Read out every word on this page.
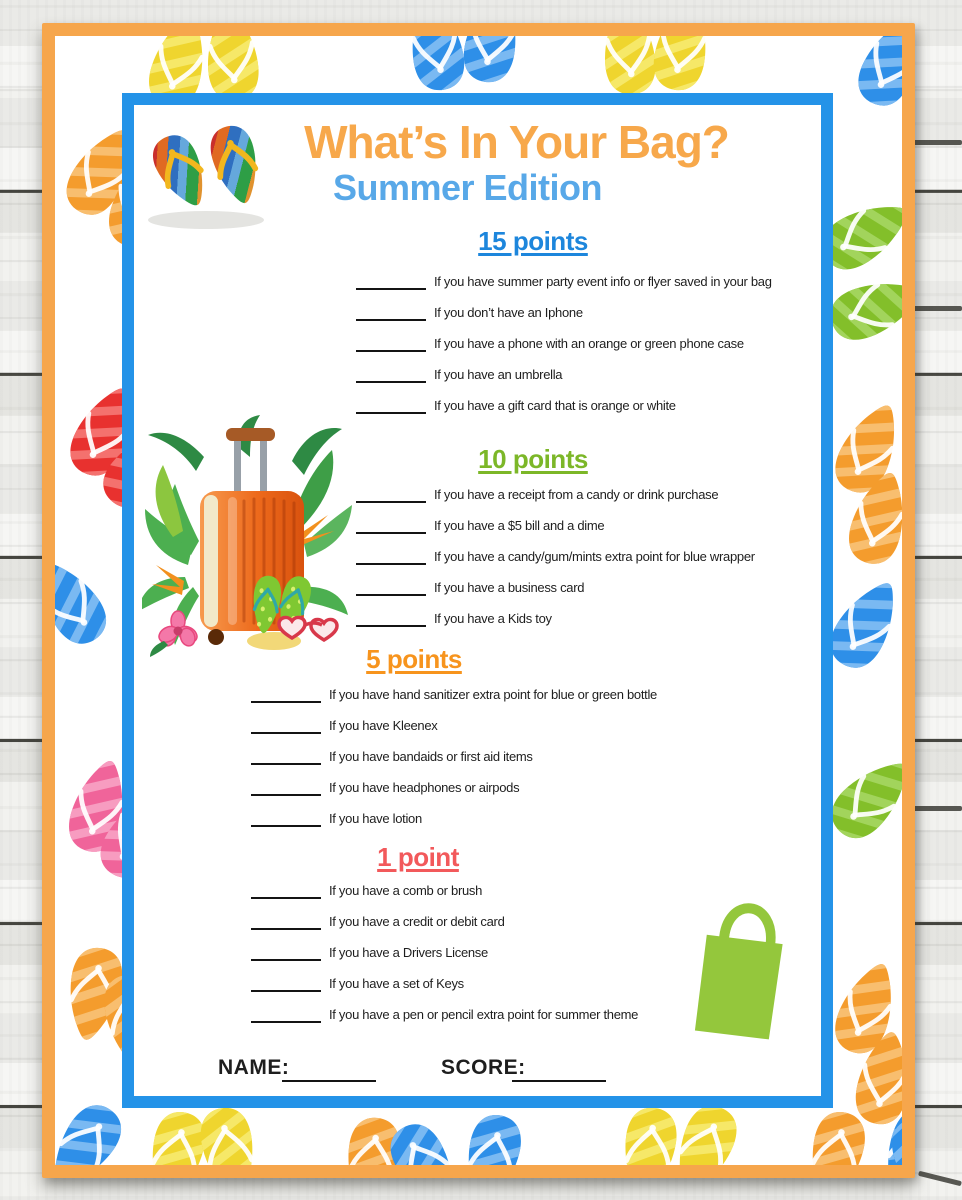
What’s In Your Bag?
Summer Edition
15 points
If you have summer party event info or flyer saved in your bag
If you don’t have an Iphone
If you have a phone with an orange or green phone case
If you have an umbrella
If you have a gift card that is orange or white
10 points
If you have a receipt from a candy or drink purchase
If you have a $5 bill and a dime
If you have a candy/gum/mints extra point for blue wrapper
If you have a business card
If you have a Kids toy
5 points
If you have hand sanitizer extra point for blue or green bottle
If you have Kleenex
If you have bandaids or first aid items
If you have headphones or airpods
If you have lotion
1 point
If you have a comb or brush
If you have a credit or debit card
If you have a Drivers License
If you have a set of Keys
If you have a pen or pencil extra point for summer theme
NAME:	SCORE:
